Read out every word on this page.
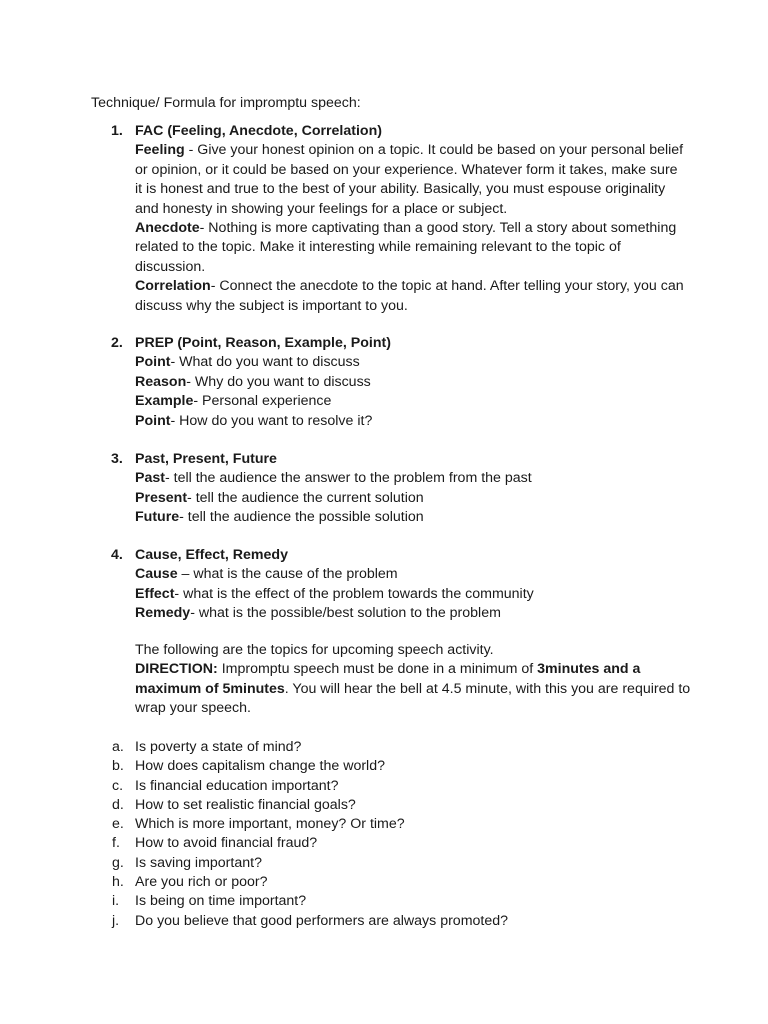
Technique/ Formula for impromptu speech:
1. FAC (Feeling, Anecdote, Correlation)

Feeling - Give your honest opinion on a topic. It could be based on your personal belief or opinion, or it could be based on your experience. Whatever form it takes, make sure it is honest and true to the best of your ability. Basically, you must espouse originality and honesty in showing your feelings for a place or subject.

Anecdote- Nothing is more captivating than a good story. Tell a story about something related to the topic. Make it interesting while remaining relevant to the topic of discussion.

Correlation- Connect the anecdote to the topic at hand. After telling your story, you can discuss why the subject is important to you.

2. PREP (Point, Reason, Example, Point)

Point- What do you want to discuss

Reason- Why do you want to discuss

Example- Personal experience

Point- How do you want to resolve it?

3. Past, Present, Future

Past- tell the audience the answer to the problem from the past

Present- tell the audience the current solution

Future- tell the audience the possible solution

4. Cause, Effect, Remedy

Cause – what is the cause of the problem

Effect- what is the effect of the problem towards the community

Remedy- what is the possible/best solution to the problem

The following are the topics for upcoming speech activity.

DIRECTION: Impromptu speech must be done in a minimum of 3minutes and a maximum of 5minutes. You will hear the bell at 4.5 minute, with this you are required to wrap your speech.

a. Is poverty a state of mind?
b. How does capitalism change the world?
c. Is financial education important?
d. How to set realistic financial goals?
e. Which is more important, money? Or time?
f. How to avoid financial fraud?
g. Is saving important?
h. Are you rich or poor?
i. Is being on time important?
j. Do you believe that good performers are always promoted?
